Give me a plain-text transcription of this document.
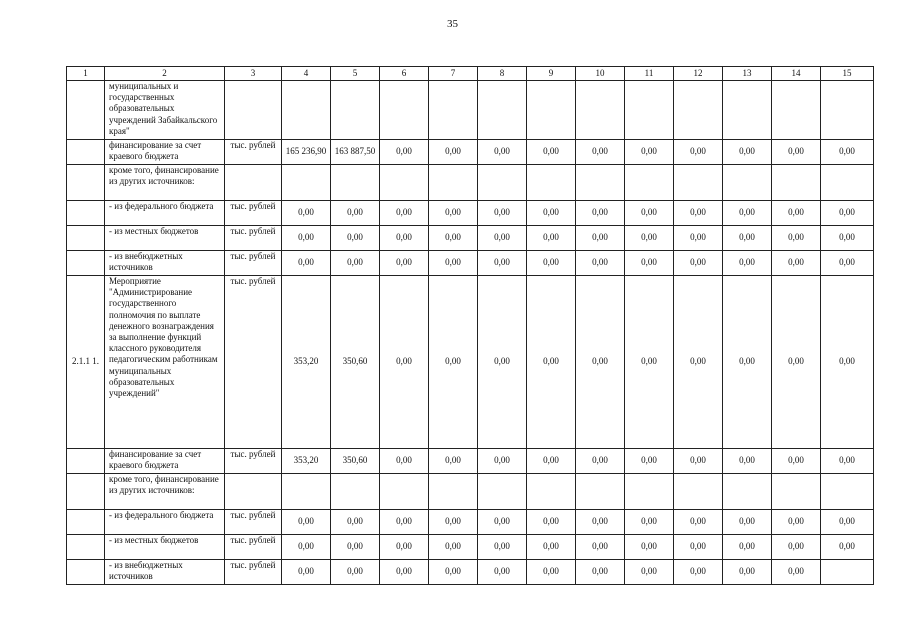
35
1	2	3	4	5	6	7	8	9	10	11	12	13	14	15
	муниципальных и государственных образовательных учреждений Забайкальского края"													
	финансирование за счет краевого бюджета	тыс. рублей	165 236,90	163 887,50	0,00	0,00	0,00	0,00	0,00	0,00	0,00	0,00	0,00	0,00
	кроме того, финансирование из других источников:													
	- из федерального бюджета	тыс. рублей	0,00	0,00	0,00	0,00	0,00	0,00	0,00	0,00	0,00	0,00	0,00	0,00
	- из местных бюджетов	тыс. рублей	0,00	0,00	0,00	0,00	0,00	0,00	0,00	0,00	0,00	0,00	0,00	0,00
	- из внебюджетных источников	тыс. рублей	0,00	0,00	0,00	0,00	0,00	0,00	0,00	0,00	0,00	0,00	0,00	0,00
2.1.1 1.	Мероприятие "Администрирование государственного полномочия по выплате денежного вознаграждения за выполнение функций классного руководителя педагогическим работникам муниципальных образовательных учреждений"	тыс. рублей	353,20	350,60	0,00	0,00	0,00	0,00	0,00	0,00	0,00	0,00	0,00	0,00
	финансирование за счет краевого бюджета	тыс. рублей	353,20	350,60	0,00	0,00	0,00	0,00	0,00	0,00	0,00	0,00	0,00	0,00
	кроме того, финансирование из других источников:													
	- из федерального бюджета	тыс. рублей	0,00	0,00	0,00	0,00	0,00	0,00	0,00	0,00	0,00	0,00	0,00	0,00
	- из местных бюджетов	тыс. рублей	0,00	0,00	0,00	0,00	0,00	0,00	0,00	0,00	0,00	0,00	0,00	0,00
	- из внебюджетных источников	тыс. рублей	0,00	0,00	0,00	0,00	0,00	0,00	0,00	0,00	0,00	0,00	0,00	
